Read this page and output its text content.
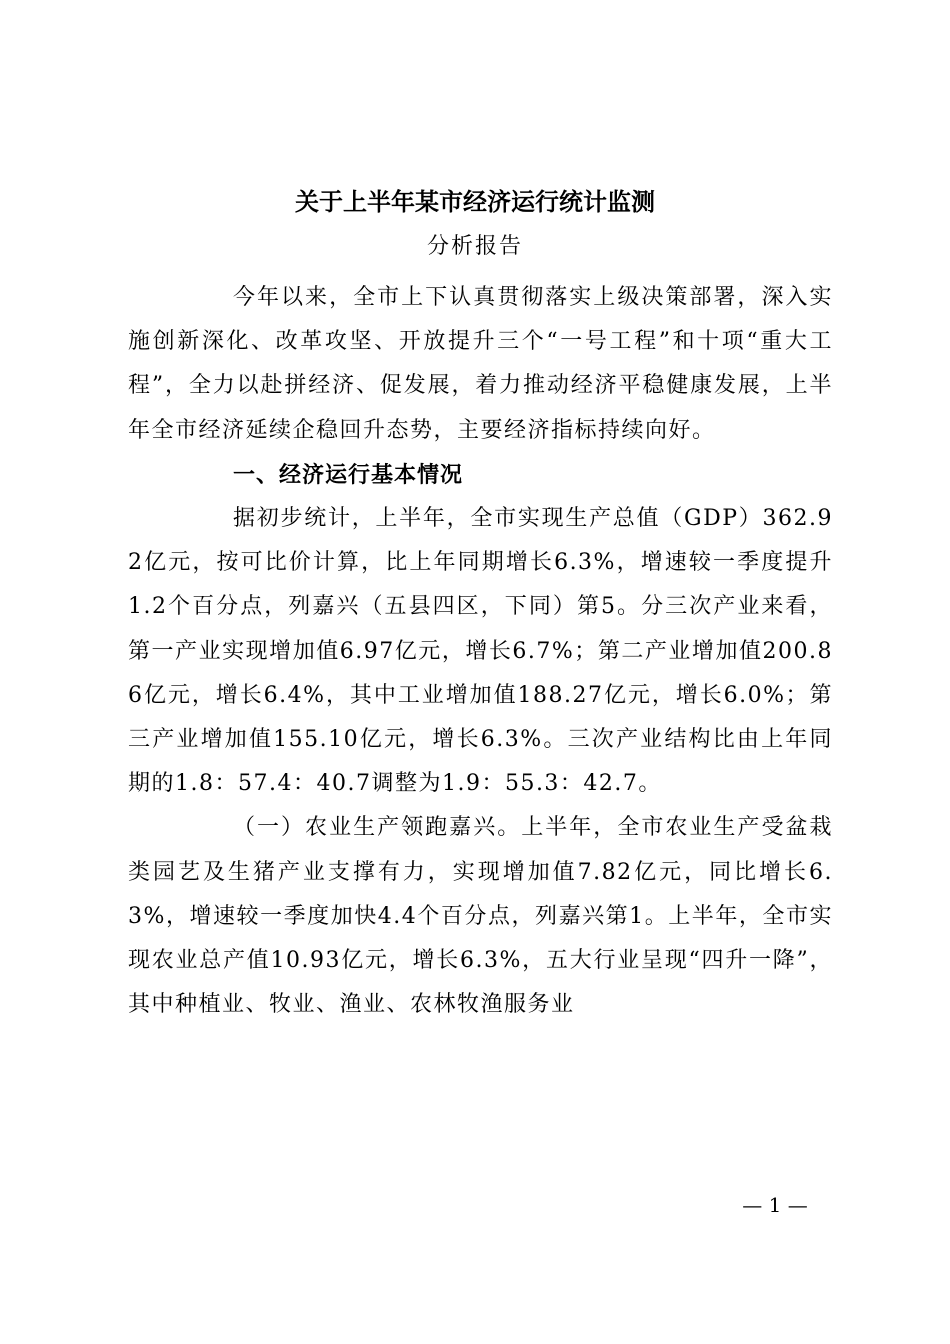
关于上半年某市经济运行统计监测
分析报告

今年以来，全市上下认真贯彻落实上级决策部署，深入实施创新深化、改革攻坚、开放提升三个“一号工程”和十项“重大工程”，全力以赴拼经济、促发展，着力推动经济平稳健康发展，上半年全市经济延续企稳回升态势，主要经济指标持续向好。

一、经济运行基本情况

据初步统计，上半年，全市实现生产总值（GDP）362.92亿元，按可比价计算，比上年同期增长6.3%，增速较一季度提升1.2个百分点，列嘉兴（五县四区，下同）第5。分三次产业来看，第一产业实现增加值6.97亿元，增长6.7%；第二产业增加值200.86亿元，增长6.4%，其中工业增加值188.27亿元，增长6.0%；第三产业增加值155.10亿元，增长6.3%。三次产业结构比由上年同期的1.8：57.4：40.7调整为1.9：55.3：42.7。

（一）农业生产领跑嘉兴。上半年，全市农业生产受盆栽类园艺及生猪产业支撑有力，实现增加值7.82亿元，同比增长6.3%，增速较一季度加快4.4个百分点，列嘉兴第1。上半年，全市实现农业总产值10.93亿元，增长6.3%，五大行业呈现“四升一降”，其中种植业、牧业、渔业、农林牧渔服务业

— 1 —
